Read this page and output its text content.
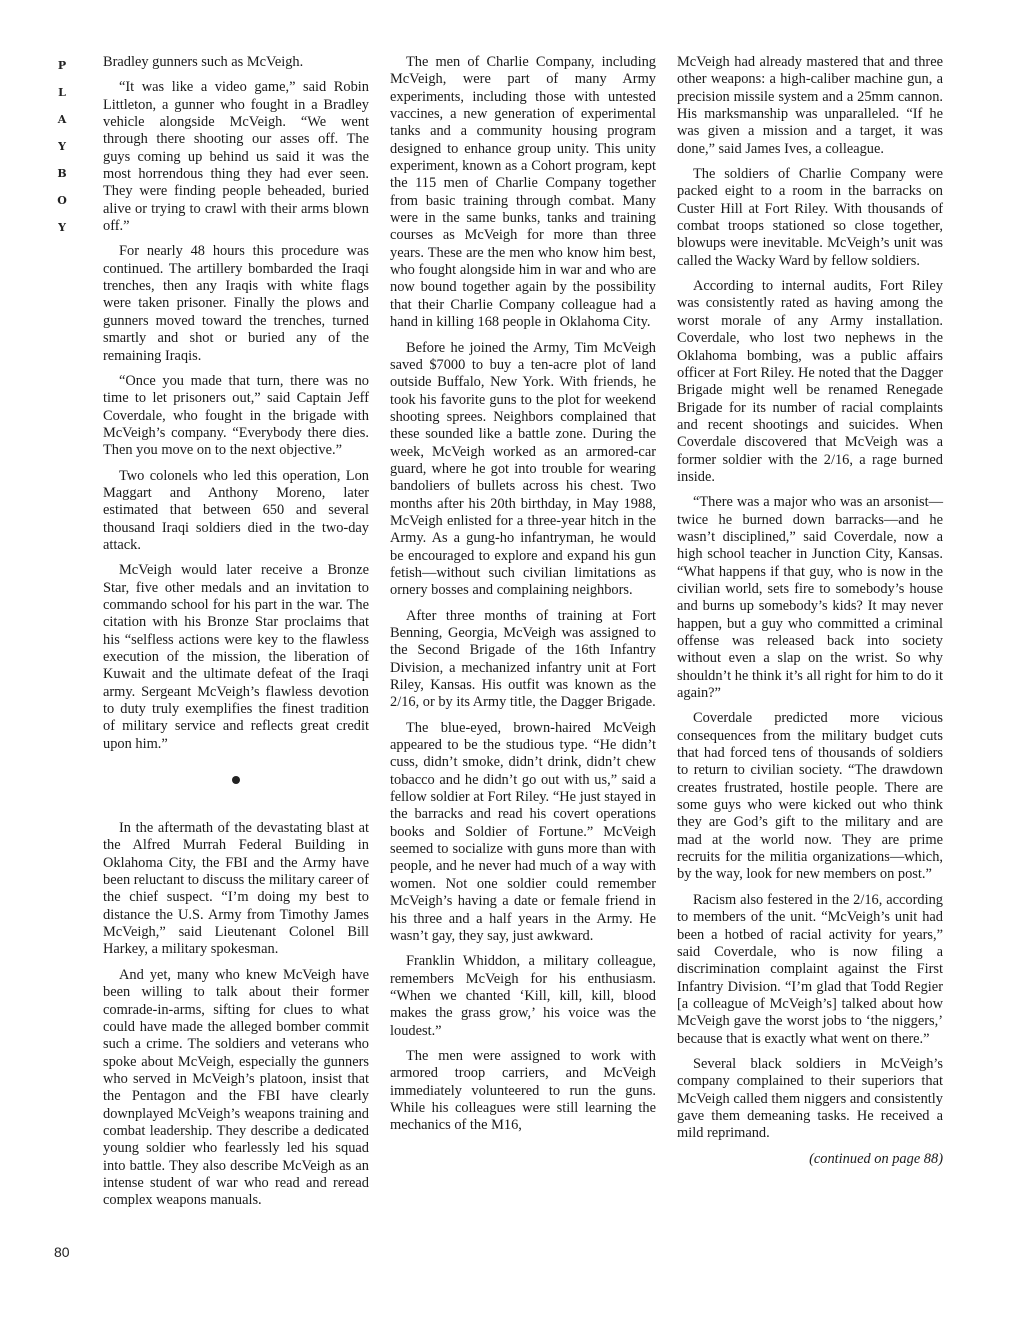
P
L
A
Y
B
O
Y

Bradley gunners such as McVeigh.

“It was like a video game,” said Robin Littleton, a gunner who fought in a Bradley vehicle alongside McVeigh. “We went through there shooting our asses off. The guys coming up behind us said it was the most horrendous thing they had ever seen. They were finding people beheaded, buried alive or trying to crawl with their arms blown off.”

For nearly 48 hours this procedure was continued. The artillery bombarded the Iraqi trenches, then any Iraqis with white flags were taken prisoner. Finally the plows and gunners moved toward the trenches, turned smartly and shot or buried any of the remaining Iraqis.

“Once you made that turn, there was no time to let prisoners out,” said Captain Jeff Coverdale, who fought in the brigade with McVeigh’s company. “Everybody there dies. Then you move on to the next objective.”

Two colonels who led this operation, Lon Maggart and Anthony Moreno, later estimated that between 650 and several thousand Iraqi soldiers died in the two-day attack.

McVeigh would later receive a Bronze Star, five other medals and an invitation to commando school for his part in the war. The citation with his Bronze Star proclaims that his “selfless actions were key to the flawless execution of the mission, the liberation of Kuwait and the ultimate defeat of the Iraqi army. Sergeant McVeigh’s flawless devotion to duty truly exemplifies the finest tradition of military service and reflects great credit upon him.”

In the aftermath of the devastating blast at the Alfred Murrah Federal Building in Oklahoma City, the FBI and the Army have been reluctant to discuss the military career of the chief suspect. “I’m doing my best to distance the U.S. Army from Timothy James McVeigh,” said Lieutenant Colonel Bill Harkey, a military spokesman.

And yet, many who knew McVeigh have been willing to talk about their former comrade-in-arms, sifting for clues to what could have made the alleged bomber commit such a crime. The soldiers and veterans who spoke about McVeigh, especially the gunners who served in McVeigh’s platoon, insist that the Pentagon and the FBI have clearly downplayed McVeigh’s weapons training and combat leadership. They describe a dedicated young soldier who fearlessly led his squad into battle. They also describe McVeigh as an intense student of war who read and reread complex weapons manuals.

The men of Charlie Company, including McVeigh, were part of many Army experiments, including those with untested vaccines, a new generation of experimental tanks and a community housing program designed to enhance group unity. This unity experiment, known as a Cohort program, kept the 115 men of Charlie Company together from basic training through combat. Many were in the same bunks, tanks and training courses as McVeigh for more than three years. These are the men who know him best, who fought alongside him in war and who are now bound together again by the possibility that their Charlie Company colleague had a hand in killing 168 people in Oklahoma City.

Before he joined the Army, Tim McVeigh saved $7000 to buy a ten-acre plot of land outside Buffalo, New York. With friends, he took his favorite guns to the plot for weekend shooting sprees. Neighbors complained that these sounded like a battle zone. During the week, McVeigh worked as an armored-car guard, where he got into trouble for wearing bandoliers of bullets across his chest. Two months after his 20th birthday, in May 1988, McVeigh enlisted for a three-year hitch in the Army. As a gung-ho infantryman, he would be encouraged to explore and expand his gun fetish—without such civilian limitations as ornery bosses and complaining neighbors.

After three months of training at Fort Benning, Georgia, McVeigh was assigned to the Second Brigade of the 16th Infantry Division, a mechanized infantry unit at Fort Riley, Kansas. His outfit was known as the 2/16, or by its Army title, the Dagger Brigade.

The blue-eyed, brown-haired McVeigh appeared to be the studious type. “He didn’t cuss, didn’t smoke, didn’t drink, didn’t chew tobacco and he didn’t go out with us,” said a fellow soldier at Fort Riley. “He just stayed in the barracks and read his covert operations books and Soldier of Fortune.” McVeigh seemed to socialize with guns more than with people, and he never had much of a way with women. Not one soldier could remember McVeigh’s having a date or female friend in his three and a half years in the Army. He wasn’t gay, they say, just awkward.

Franklin Whiddon, a military colleague, remembers McVeigh for his enthusiasm. “When we chanted ‘Kill, kill, kill, blood makes the grass grow,’ his voice was the loudest.”

The men were assigned to work with armored troop carriers, and McVeigh immediately volunteered to run the guns. While his colleagues were still learning the mechanics of the M16,

McVeigh had already mastered that and three other weapons: a high-caliber machine gun, a precision missile system and a 25mm cannon. His marksmanship was unparalleled. “If he was given a mission and a target, it was done,” said James Ives, a colleague.

The soldiers of Charlie Company were packed eight to a room in the barracks on Custer Hill at Fort Riley. With thousands of combat troops stationed so close together, blowups were inevitable. McVeigh’s unit was called the Wacky Ward by fellow soldiers.

According to internal audits, Fort Riley was consistently rated as having among the worst morale of any Army installation. Coverdale, who lost two nephews in the Oklahoma bombing, was a public affairs officer at Fort Riley. He noted that the Dagger Brigade might well be renamed Renegade Brigade for its number of racial complaints and recent shootings and suicides. When Coverdale discovered that McVeigh was a former soldier with the 2/16, a rage burned inside.

“There was a major who was an arsonist—twice he burned down barracks—and he wasn’t disciplined,” said Coverdale, now a high school teacher in Junction City, Kansas. “What happens if that guy, who is now in the civilian world, sets fire to somebody’s house and burns up somebody’s kids? It may never happen, but a guy who committed a criminal offense was released back into society without even a slap on the wrist. So why shouldn’t he think it’s all right for him to do it again?”

Coverdale predicted more vicious consequences from the military budget cuts that had forced tens of thousands of soldiers to return to civilian society. “The drawdown creates frustrated, hostile people. There are some guys who were kicked out who think they are God’s gift to the military and are mad at the world now. They are prime recruits for the militia organizations—which, by the way, look for new members on post.”

Racism also festered in the 2/16, according to members of the unit. “McVeigh’s unit had been a hotbed of racial activity for years,” said Coverdale, who is now filing a discrimination complaint against the First Infantry Division. “I’m glad that Todd Regier [a colleague of McVeigh’s] talked about how McVeigh gave the worst jobs to ‘the niggers,’ because that is exactly what went on there.”

Several black soldiers in McVeigh’s company complained to their superiors that McVeigh called them niggers and consistently gave them demeaning tasks. He received a mild reprimand.

(continued on page 88)

80
